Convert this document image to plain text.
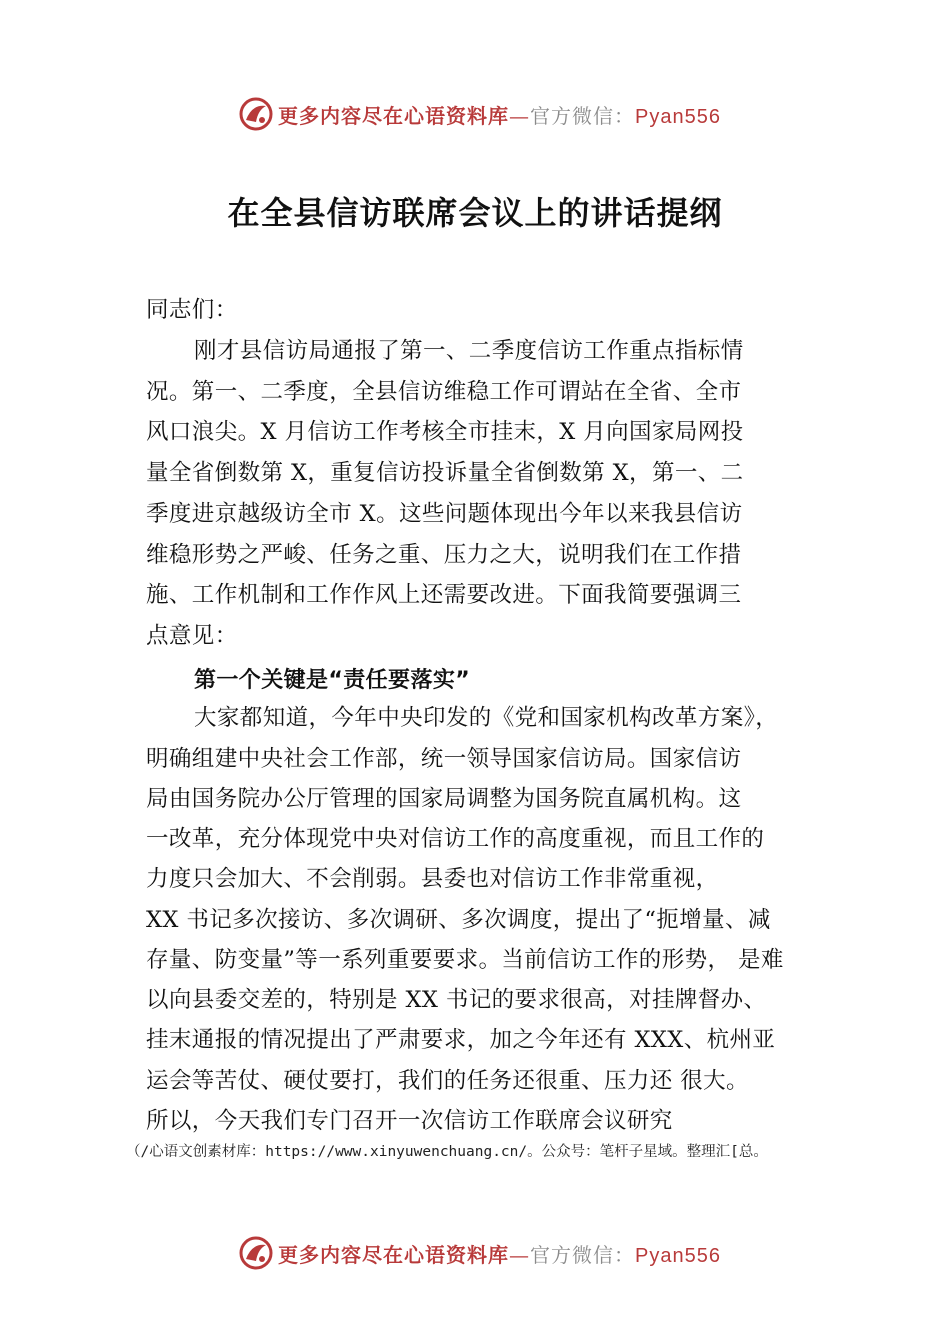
更多内容尽在心语资料库—官方微信：Pyan556
在全县信访联席会议上的讲话提纲
同志们：
刚才县信访局通报了第一、二季度信访工作重点指标情
况。第一、二季度，全县信访维稳工作可谓站在全省、全市
风口浪尖。X 月信访工作考核全市挂末，X 月向国家局网投
量全省倒数第 X，重复信访投诉量全省倒数第 X，第一、二
季度进京越级访全市 X。这些问题体现出今年以来我县信访
维稳形势之严峻、任务之重、压力之大，说明我们在工作措
施、工作机制和工作作风上还需要改进。下面我简要强调三
点意见：
第一个关键是“责任要落实”
大家都知道，今年中央印发的《党和国家机构改革方案》，
明确组建中央社会工作部，统一领导国家信访局。国家信访
局由国务院办公厅管理的国家局调整为国务院直属机构。这
一改革，充分体现党中央对信访工作的高度重视，而且工作的
力度只会加大、不会削弱。县委也对信访工作非常重视，
XX 书记多次接访、多次调研、多次调度，提出了“扼增量、减
存量、防变量”等一系列重要要求。当前信访工作的形势， 是难
以向县委交差的，特别是 XX 书记的要求很高，对挂牌督办、
挂末通报的情况提出了严肃要求，加之今年还有 XXX、杭州亚
运会等苦仗、硬仗要打，我们的任务还很重、压力还 很大。
所以，今天我们专门召开一次信访工作联席会议研究
（/心语文创素材库：https://www.xinyuwenchuang.cn/。公众号：笔杆子星域。整理汇[总。
更多内容尽在心语资料库—官方微信：Pyan556
